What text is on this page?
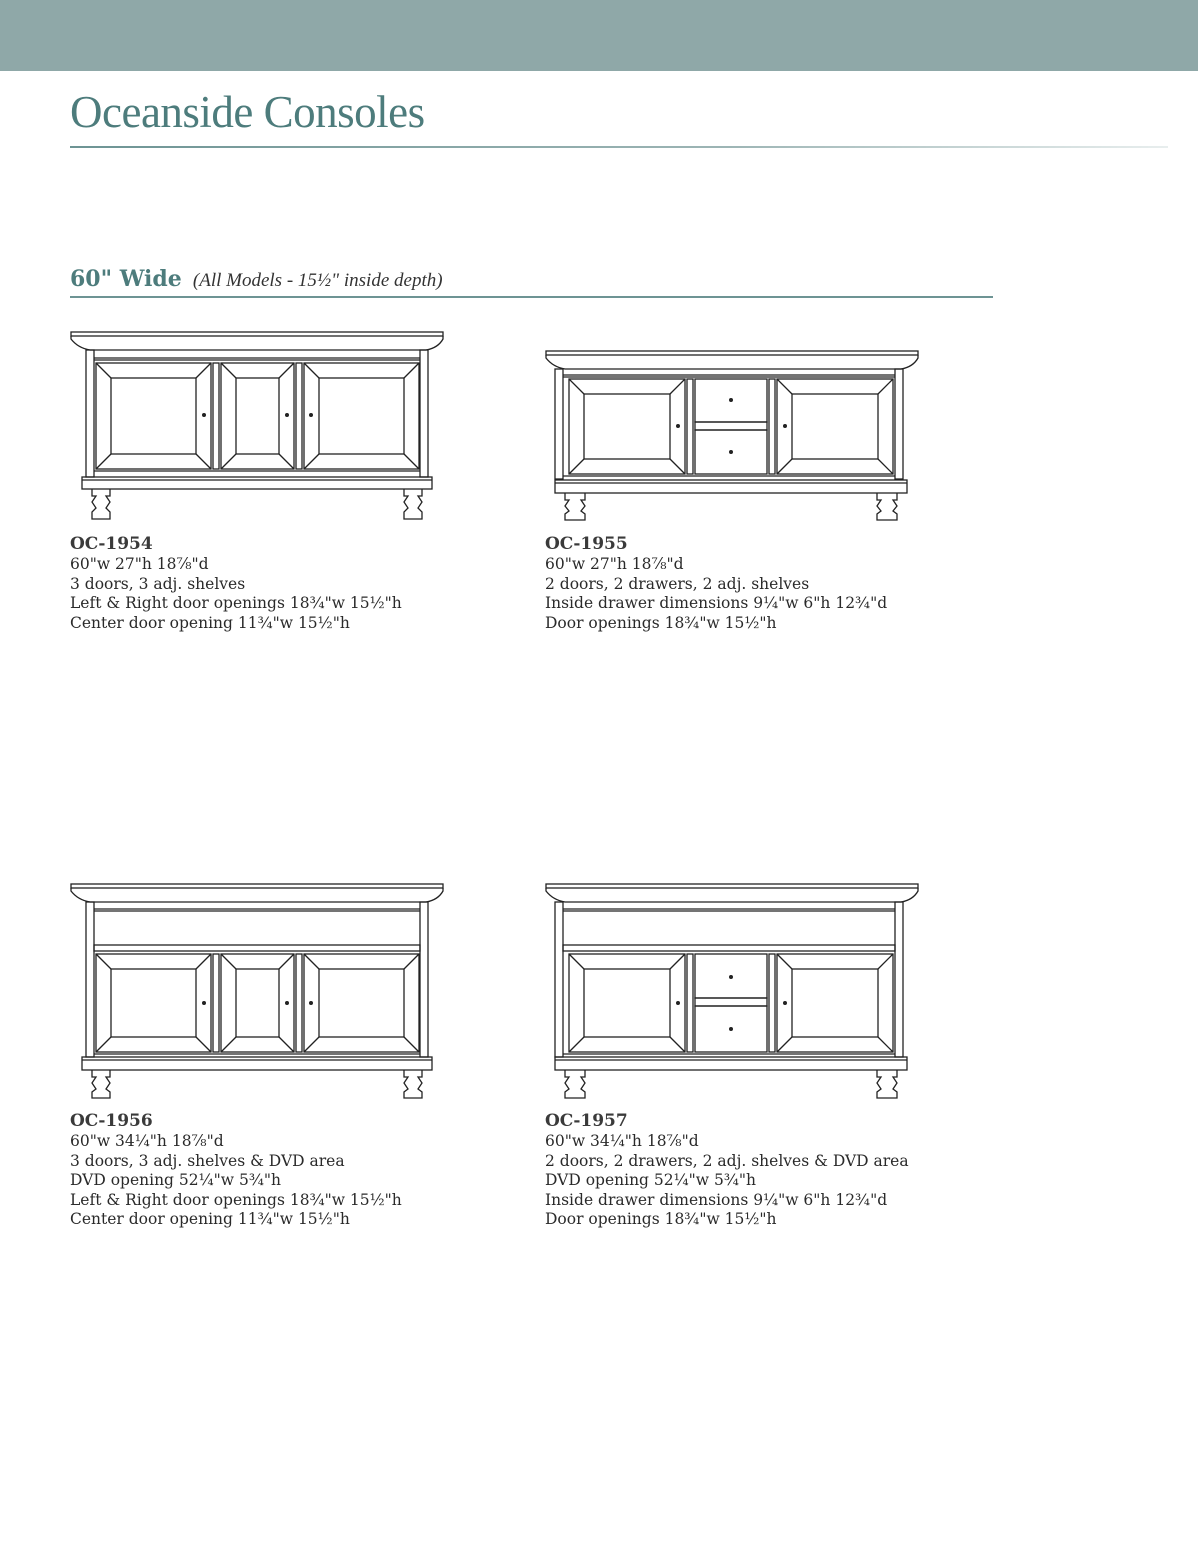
Oceanside Consoles
60" Wide (All Models - 15½" inside depth)
OC-1954
60"w 27"h 18⅞"d
3 doors, 3 adj. shelves
Left & Right door openings 18¾"w 15½"h
Center door opening 11¾"w 15½"h
OC-1955
60"w 27"h 18⅞"d
2 doors, 2 drawers, 2 adj. shelves
Inside drawer dimensions 9¼"w 6"h 12¾"d
Door openings 18¾"w 15½"h
OC-1956
60"w 34¼"h 18⅞"d
3 doors, 3 adj. shelves & DVD area
DVD opening 52¼"w 5¾"h
Left & Right door openings 18¾"w 15½"h
Center door opening 11¾"w 15½"h
OC-1957
60"w 34¼"h 18⅞"d
2 doors, 2 drawers, 2 adj. shelves & DVD area
DVD opening 52¼"w 5¾"h
Inside drawer dimensions 9¼"w 6"h 12¾"d
Door openings 18¾"w 15½"h
